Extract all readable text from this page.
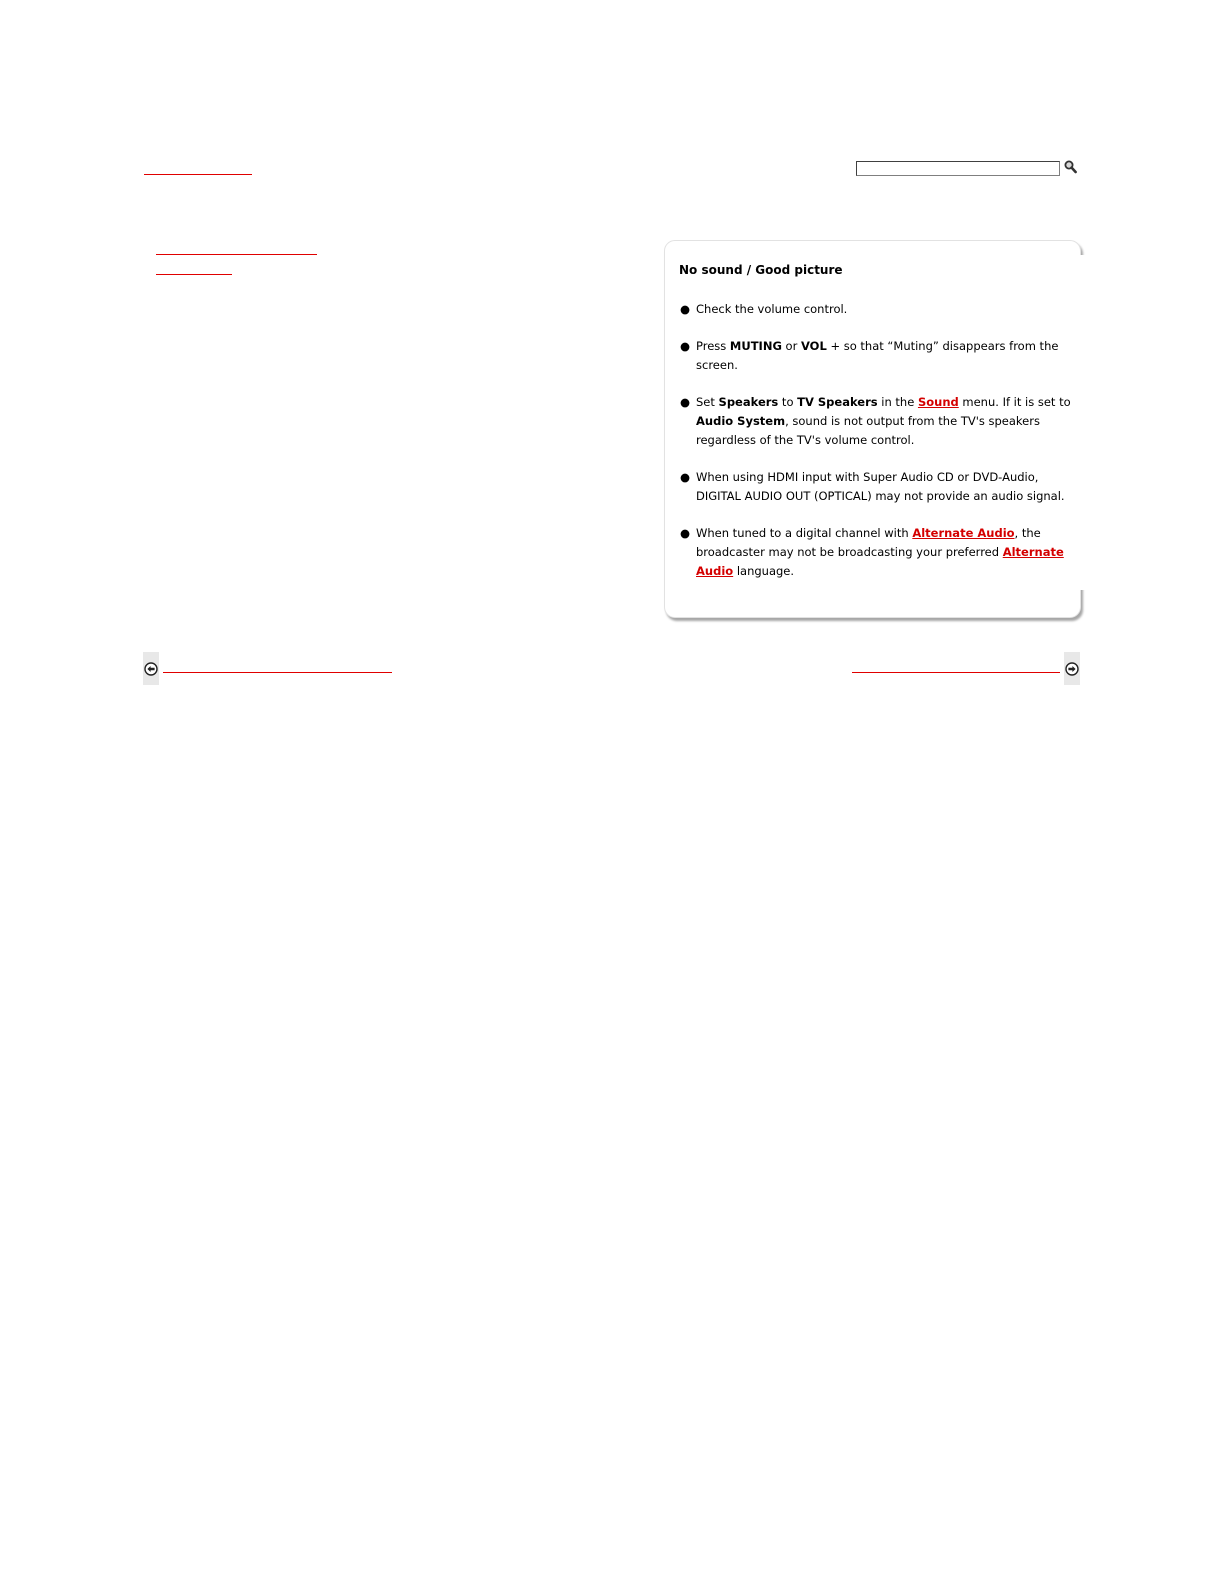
No sound / Good picture

● Check the volume control.
● Press MUTING or VOL + so that “Muting” disappears from the screen.
● Set Speakers to TV Speakers in the Sound menu. If it is set to Audio System, sound is not output from the TV's speakers regardless of the TV's volume control.
● When using HDMI input with Super Audio CD or DVD-Audio, DIGITAL AUDIO OUT (OPTICAL) may not provide an audio signal.
● When tuned to a digital channel with Alternate Audio, the broadcaster may not be broadcasting your preferred Alternate Audio language.
